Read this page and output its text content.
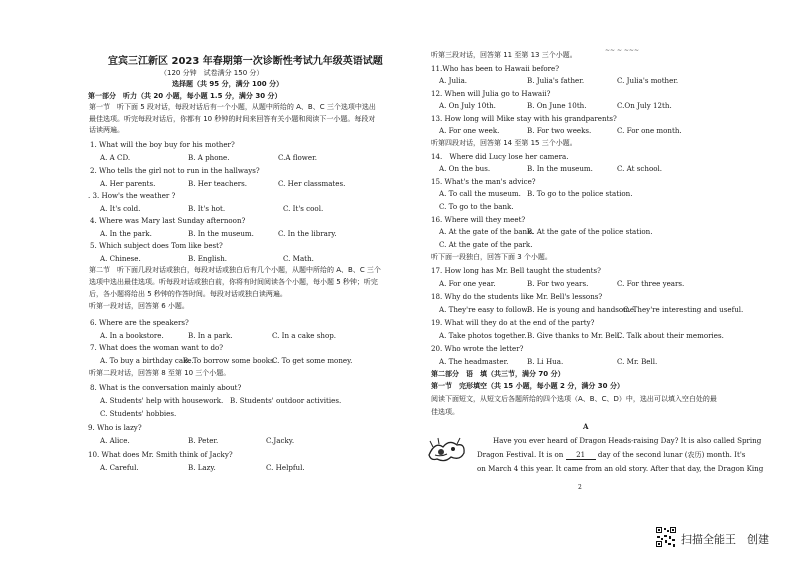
宜宾三江新区 2023 年春期第一次诊断性考试九年级英语试题
（120 分钟　试卷满分 150 分）
选择题（共 95 分，满分 100 分）
第一部分　听力（共 20 小题，每小题 1.5 分，满分 30 分）
第一节　听下面 5 段对话，每段对话后有一个小题，从题中所给的 A、B、C 三个选项中选出
最佳选项。听完每段对话后，你都有 10 秒钟的时间来回答有关小题和阅读下一小题。每段对
话读两遍。
1. What will the boy buy for his mother?
A. A CD.	B. A phone.	C.A flower.
2. Who tells the girl not to run in the hallways?
A. Her parents.	B. Her teachers.	C. Her classmates.
. 3. How's the weather ?
A. It's cold.	B. It's hot.	C. It's cool.
4. Where was Mary last Sunday afternoon?
A. In the park.	B. In the museum.	C. In the library.
5. Which subject does Tom like best?
A. Chinese.	B. English.	C. Math.
第二节　听下面几段对话或独白，每段对话或独白后有几个小题，从题中所给的 A、B、C 三个
选项中选出最佳选项。听每段对话或独白前，你将有时间阅读各个小题，每小题 5 秒钟；听完
后，各小题将给出 5 秒钟的作答时间。每段对话或独白读两遍。
听第一段对话，回答第 6 小题。
6. Where are the speakers?
A. In a bookstore.	B. In a park.	C. In a cake shop.
7. What does the woman want to do?
A. To buy a birthday cake.
B. To borrow some books.
C. To get some money.
听第二段对话，回答第 8 至第 10 三个小题。
8. What is the conversation mainly about?
A. Students' help with housework. B. Students' outdoor activities.
C. Students' hobbies.
9. Who is lazy?
A. Alice.	B. Peter.	C.Jacky.
10. What does Mr. Smith think of Jacky?
A. Careful.	B. Lazy.	C. Helpful.
~~ ~ ~~~
听第三段对话，回答第 11 至第 13 三个小题。
11.Who has been to Hawaii before?
A. Julia.	B. Julia's father.	C. Julia's mother.
12. When will Julia go to Hawaii?
A. On July 10th.	B. On June 10th.	C.On July 12th.
13. How long will Mike stay with his grandparents?
A. For one week.	B. For two weeks.	C. For one month.
听第四段对话，回答第 14 至第 15 三个小题。
14.　Where did Lucy lose her camera.
A. On the bus.	B. In the museum.	C. At school.
15. What's the man's advice?
A. To call the museum. B. To go to the police station.
C. To go to the bank.
16. Where will they meet?
A. At the gate of the bank.
B. At the gate of the police station.
C. At the gate of the park.
听下面一段独白，回答下面 3 个小题。
17. How long has Mr. Bell taught the students?
A. For one year.	B. For two years.	C. For three years.
18. Why do the students like Mr. Bell's lessons?
A. They're easy to follow.
B. He is young and handsome.
C. They're interesting and useful.
19. What will they do at the end of the party?
A. Take photos together. B. Give thanks to Mr. Bell.
C. Talk about their memories.
20. Who wrote the letter?
A. The headmaster.	B. Li Hua.	C. Mr. Bell.
第二部分　语　填（共三节，满分 70 分）
第一节　完形填空（共 15 小题，每小题 2 分，满分 30 分）
阅读下面短文，从短文后各题所给的四个选项（A、B、C、D）中，选出可以填入空白处的最
佳选项。
A
Have you ever heard of Dragon Heads-raising Day? It is also called Spring
Dragon Festival. It is on 21 day of the second lunar (农历) month. It's
on March 4 this year. It came from an old story. After that day, the Dragon King
2
扫描全能王　创建
